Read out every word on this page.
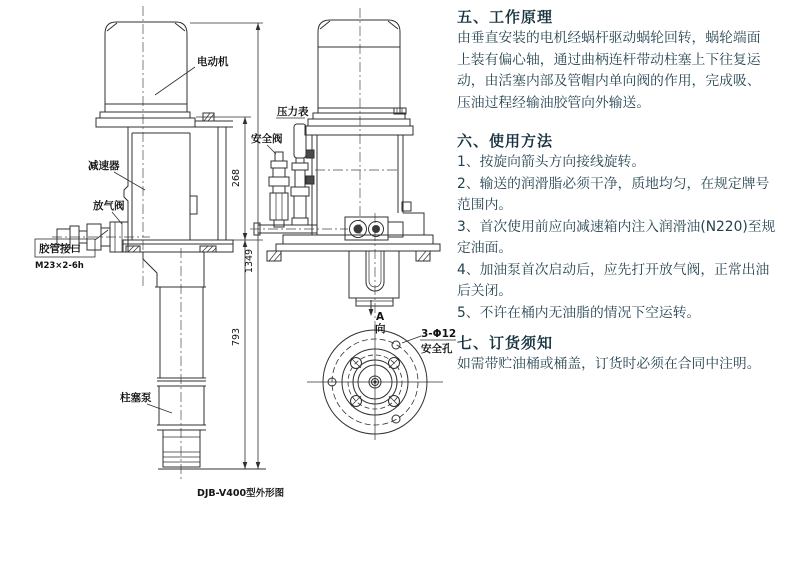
电动机
减速器
放气阀
胶管接口
M23×2-6h
柱塞泵
压力表
安全阀
3-Φ12
安全孔
A
向
268
1349
793
DJB-V400型外形图
五、工作原理
由垂直安装的电机经蜗杆驱动蜗轮回转，蜗轮端面
上装有偏心轴，通过曲柄连杆带动柱塞上下往复运
动，由活塞内部及管帽内单向阀的作用，完成吸、
压油过程经输油胶管向外输送。
六、使用方法
1、按旋向箭头方向接线旋转。
2、输送的润滑脂必须干净，质地均匀，在规定牌号
范围内。
3、首次使用前应向减速箱内注入润滑油(N220)至规
定油面。
4、加油泵首次启动后，应先打开放气阀，正常出油
后关闭。
5、不许在桶内无油脂的情况下空运转。
七、订货须知
如需带贮油桶或桶盖，订货时必须在合同中注明。
